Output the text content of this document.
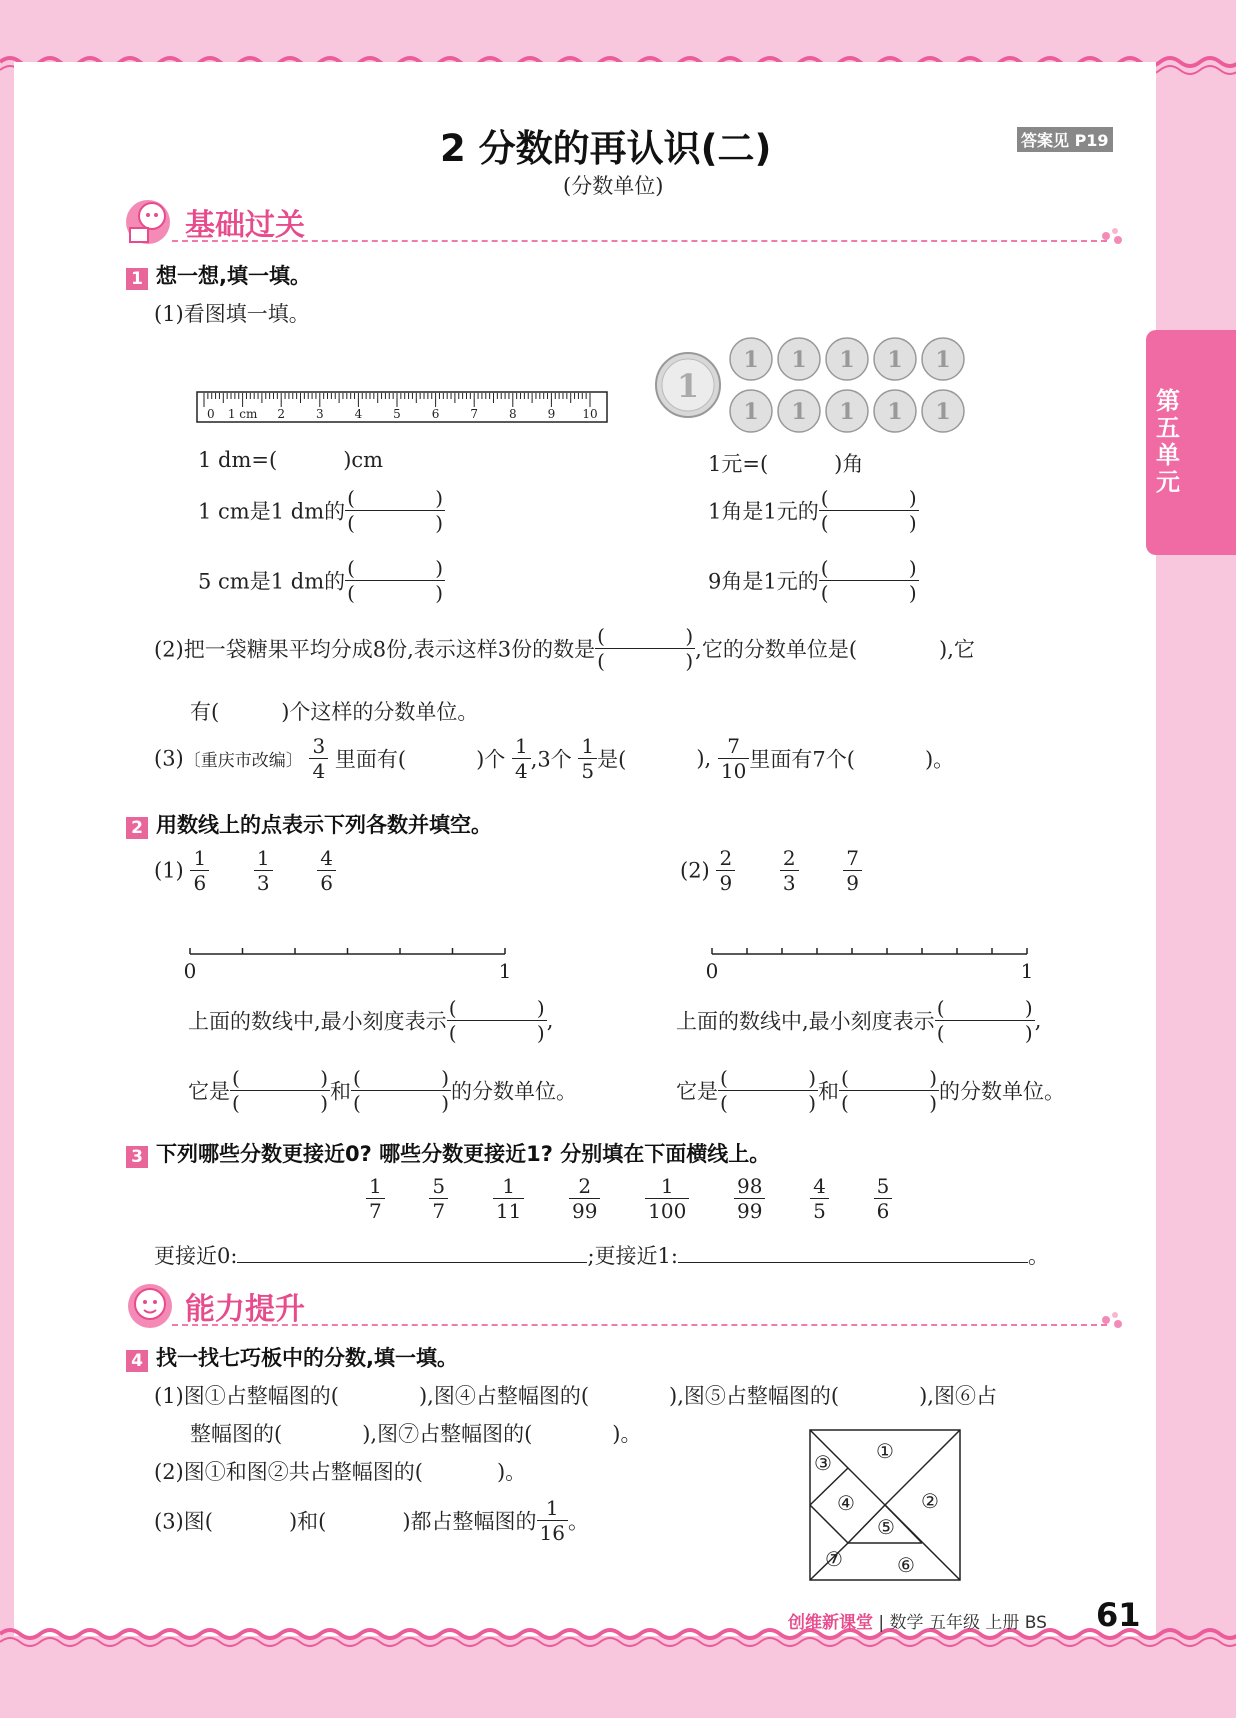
第五单元
2 分数的再认识(二)
(分数单位)
答案见 P19
基础过关
1 想一想,填一填。
(1)看图填一填。
0 1 cm 2	3	4	5	6	7	8	9 10
1
1 1 1 1 1
1 1 1 1 1
1 dm=(	)cm
1 cm是1 dm的
(	)
(	)
5 cm是1 dm的
(	)
(	)
1元=(	)角
1角是1元的
(	)
(	)
9角是1元的
(	)
(	)
(2)把一袋糖果平均分成8份,表示这样3份的数是
(	)
(	) ,它的分数单位是(	),它
有(	)个这样的分数单位。
(3)〔重庆市改编〕 $\frac{3}{4}$ 里面有(	)个 $\frac{1}{4} ,3$个 $\frac{1}{5}$ 是(	), $\frac{7}{10}$ 里面有7个(	)。
2 用数线上的点表示下列各数并填空。
$(1) \frac{1}{6}$
$\frac{1}{3}$
$\frac{4}{6}$	$(2) \frac{2}{9}$
$\frac{2}{3}$
$\frac{7}{9}$
0	1	0	1
上面的数线中,最小刻度表示
(	)
(	)
,	上面的数线中,最小刻度表示
(	)
(	)
,
它是
(	)
(	) 和
(	)
(	) 的分数单位。	它是
(	)
(	) 和
(	)
(	) 的分数单位。
3 下列哪些分数更接近0? 哪些分数更接近1? 分别填在下面横线上。
$\frac{1}{7}$
$\frac{5}{7}$
$\frac{1}{11}$
$\frac{2}{99}$
$\frac{1}{100}$
$\frac{98}{99}$
$\frac{4}{5}$
$\frac{5}{6}$
更接近0:	;更接近1:	。
能力提升
4 找一找七巧板中的分数,填一填。
(1)图①占整幅图的(	),图④占整幅图的(	),图⑤占整幅图的(	),图⑥占
整幅图的(	),图⑦占整幅图的(	)。
(2)图①和图②共占整幅图的(	)。
(3)图(	)和(	)都占整幅图的 $\frac{1}{16}$ 。
①
②
③
④
⑤
⑥
⑦
创维新课堂 | 数学 五年级 上册 BS 61
